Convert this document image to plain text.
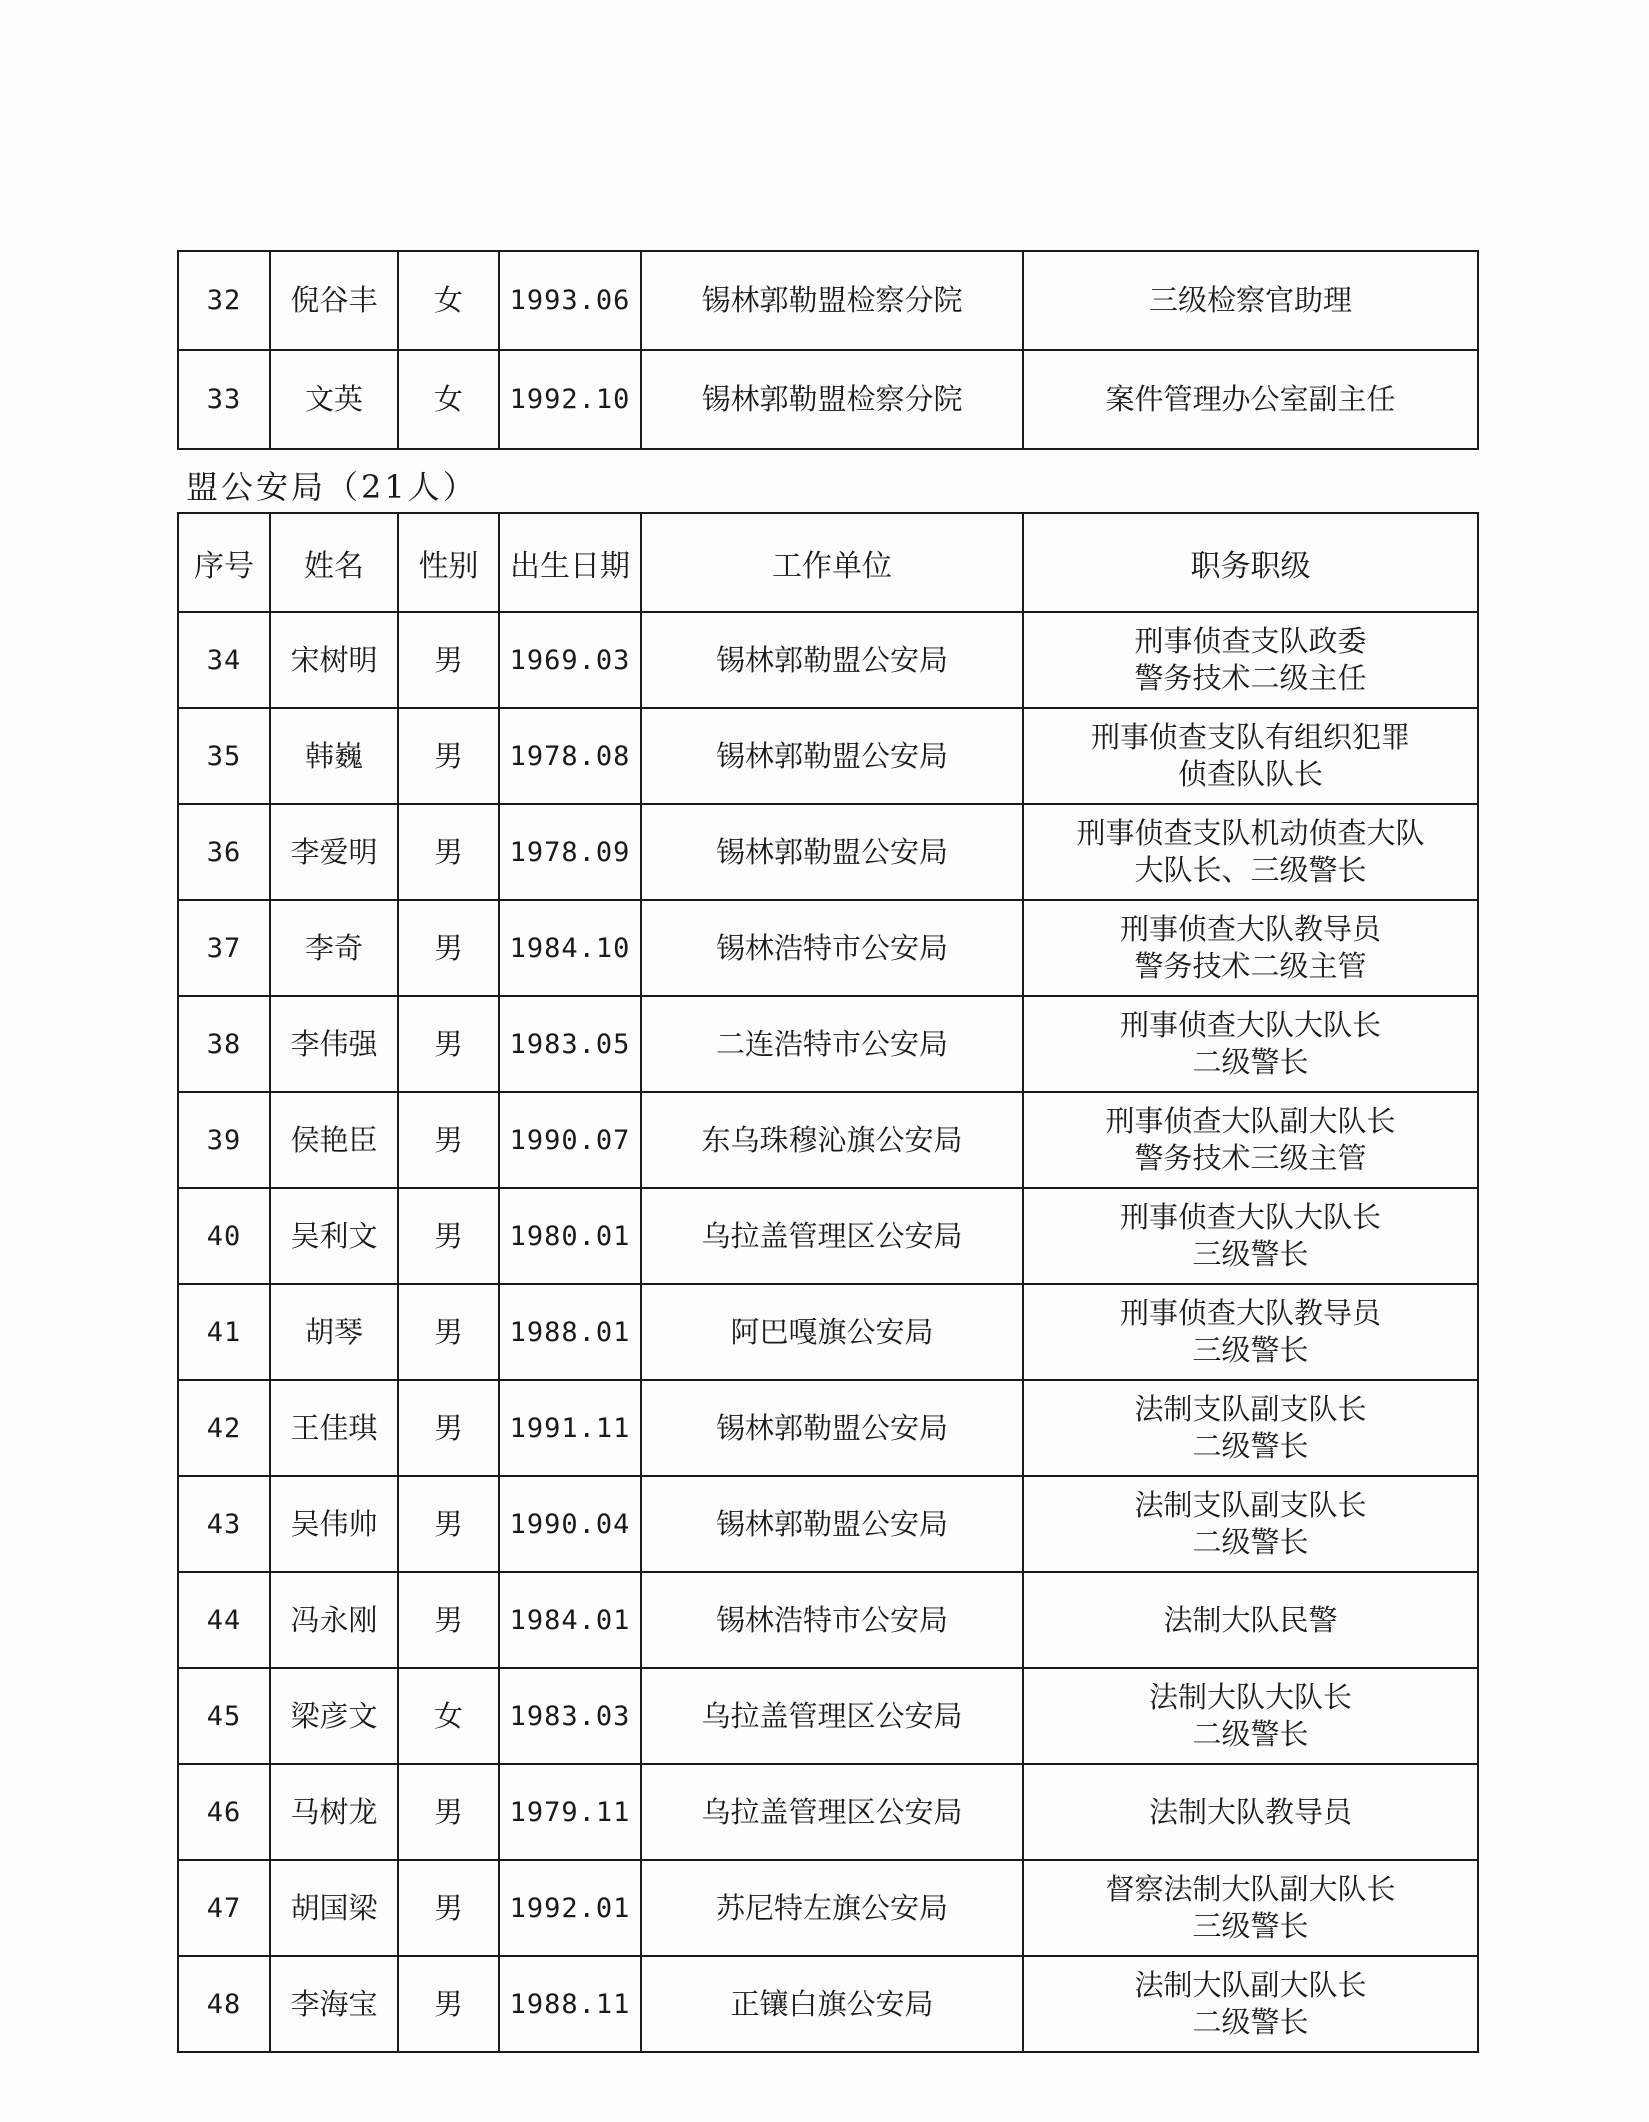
32	倪谷丰	女	1993.06	锡林郭勒盟检察分院	三级检察官助理

33	文英	女	1992.10	锡林郭勒盟检察分院	案件管理办公室副主任
盟公安局（21人）
序号	姓名	性别	出生日期	工作单位	职务职级
34	宋树明	男	1969.03	锡林郭勒盟公安局	刑事侦查支队政委
警务技术二级主任

35	韩巍	男	1978.08	锡林郭勒盟公安局	刑事侦查支队有组织犯罪
侦查队队长

36	李爱明	男	1978.09	锡林郭勒盟公安局	刑事侦查支队机动侦查大队
大队长、三级警长

37	李奇	男	1984.10	锡林浩特市公安局	刑事侦查大队教导员
警务技术二级主管

38	李伟强	男	1983.05	二连浩特市公安局	刑事侦查大队大队长
二级警长

39	侯艳臣	男	1990.07	东乌珠穆沁旗公安局	刑事侦查大队副大队长
警务技术三级主管

40	吴利文	男	1980.01	乌拉盖管理区公安局	刑事侦查大队大队长
三级警长

41	胡琴	男	1988.01	阿巴嘎旗公安局	刑事侦查大队教导员
三级警长

42	王佳琪	男	1991.11	锡林郭勒盟公安局	法制支队副支队长
二级警长

43	吴伟帅	男	1990.04	锡林郭勒盟公安局	法制支队副支队长
二级警长

44	冯永刚	男	1984.01	锡林浩特市公安局	法制大队民警

45	梁彦文	女	1983.03	乌拉盖管理区公安局	法制大队大队长
二级警长

46	马树龙	男	1979.11	乌拉盖管理区公安局	法制大队教导员

47	胡国梁	男	1992.01	苏尼特左旗公安局	督察法制大队副大队长
三级警长

48	李海宝	男	1988.11	正镶白旗公安局	法制大队副大队长
二级警长
